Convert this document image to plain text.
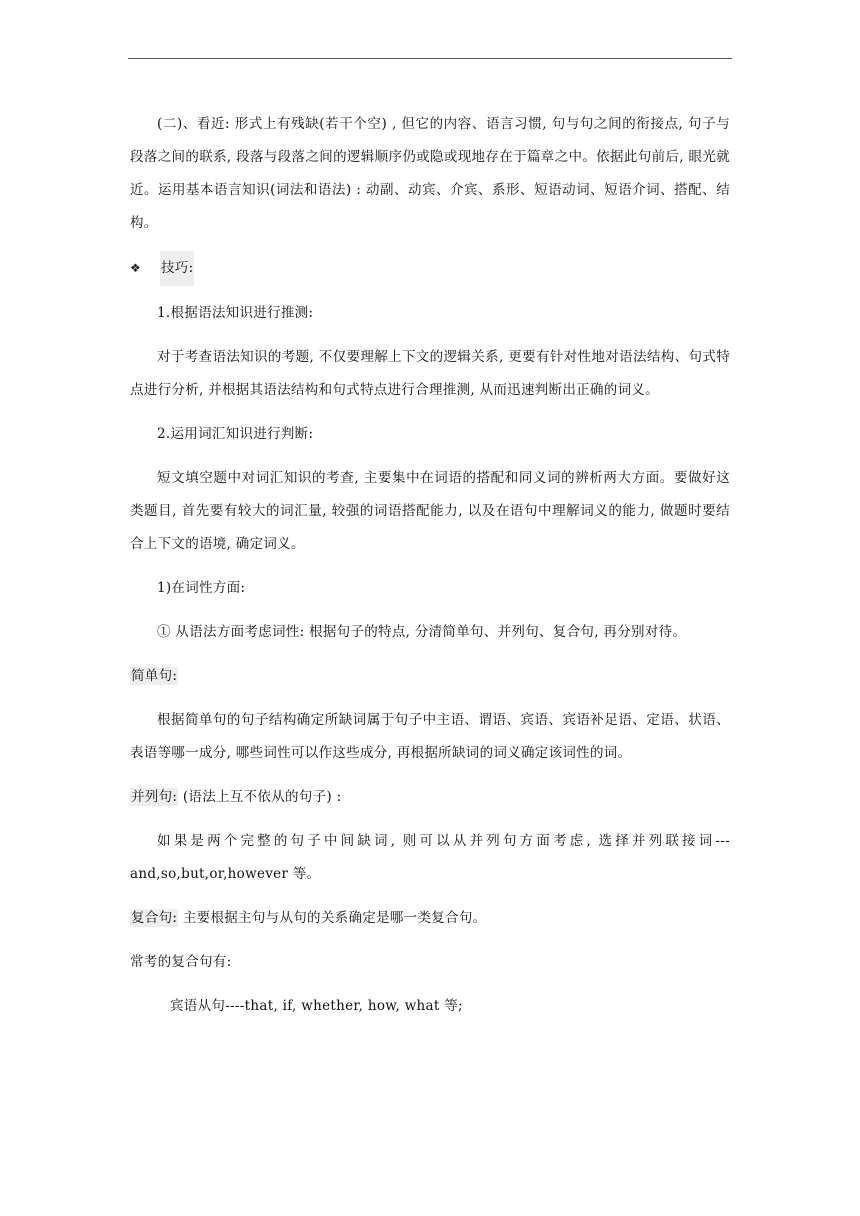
(二)、看近: 形式上有残缺(若干个空) , 但它的内容、语言习惯, 句与句之间的衔接点, 句子与段落之间的联系, 段落与段落之间的逻辑顺序仍或隐或现地存在于篇章之中。依据此句前后, 眼光就近。运用基本语言知识(词法和语法) : 动副、动宾、介宾、系形、短语动词、短语介词、搭配、结构。

❖	技巧:

1.根据语法知识进行推测:

对于考查语法知识的考题, 不仅要理解上下文的逻辑关系, 更要有针对性地对语法结构、句式特点进行分析, 并根据其语法结构和句式特点进行合理推测, 从而迅速判断出正确的词义。

2.运用词汇知识进行判断:

短文填空题中对词汇知识的考查, 主要集中在词语的搭配和同义词的辨析两大方面。要做好这类题目, 首先要有较大的词汇量, 较强的词语搭配能力, 以及在语句中理解词义的能力, 做题时要结合上下文的语境, 确定词义。

1)在词性方面:

① 从语法方面考虑词性: 根据句子的特点, 分清简单句、并列句、复合句, 再分别对待。

简单句:

根据简单句的句子结构确定所缺词属于句子中主语、谓语、宾语、宾语补足语、定语、状语、表语等哪一成分, 哪些词性可以作这些成分, 再根据所缺词的词义确定该词性的词。

并列句: (语法上互不依从的句子) :

如果是两个完整的句子中间缺词, 则可以从并列句方面考虑, 选择并列联接词---and,so,but,or,however 等。

复合句: 主要根据主句与从句的关系确定是哪一类复合句。

常考的复合句有:

宾语从句----that, if, whether, how, what 等;
